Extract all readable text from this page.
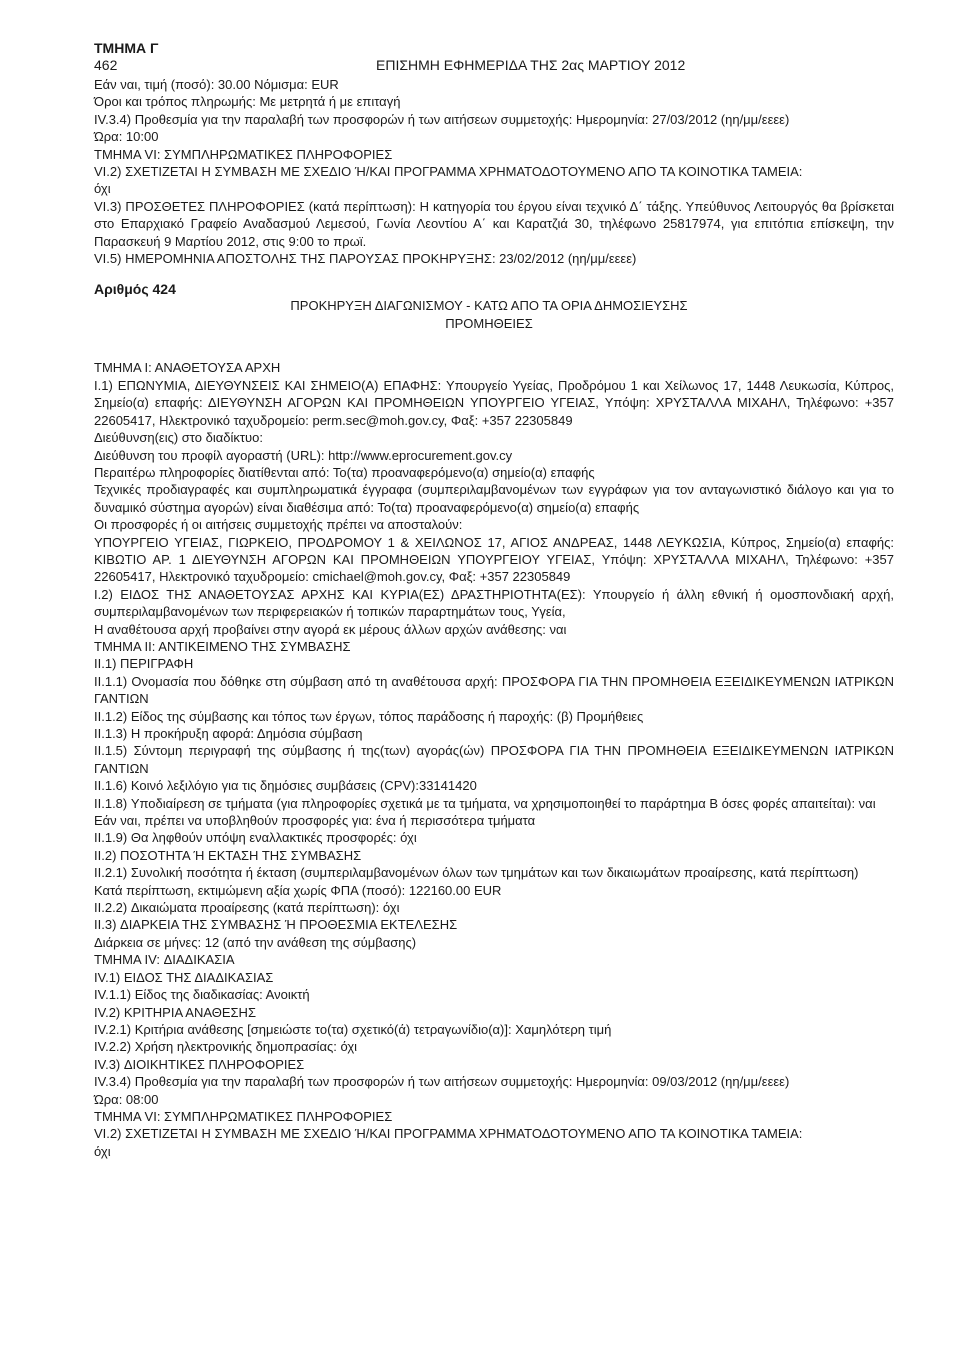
ΤΜΗΜΑ Γ
462	ΕΠΙΣΗΜΗ ΕΦΗΜΕΡΙΔΑ ΤΗΣ 2ας ΜΑΡΤΙΟΥ 2012
Εάν ναι, τιμή (ποσό): 30.00 Νόμισμα: EUR
Όροι και τρόπος πληρωμής: Με μετρητά ή με επιταγή
IV.3.4) Προθεσμία για την παραλαβή των προσφορών ή των αιτήσεων συμμετοχής: Ημερομηνία: 27/03/2012 (ηη/μμ/εεεε)
Ώρα: 10:00
ΤΜΗΜΑ VI: ΣΥΜΠΛΗΡΩΜΑΤΙΚΕΣ ΠΛΗΡΟΦΟΡΙΕΣ
VI.2) ΣΧΕΤΙΖΕΤΑΙ Η ΣΥΜΒΑΣΗ ΜΕ ΣΧΕΔΙΟ Ή/ΚΑΙ ΠΡΟΓΡΑΜΜΑ ΧΡΗΜΑΤΟΔΟΤΟΥΜΕΝΟ ΑΠΟ ΤΑ ΚΟΙΝΟΤΙΚΑ ΤΑΜΕΙΑ:
όχι
VI.3) ΠΡΟΣΘΕΤΕΣ ΠΛΗΡΟΦΟΡΙΕΣ (κατά περίπτωση): Η κατηγορία του έργου είναι τεχνικό Δ΄ τάξης. Υπεύθυνος Λειτουργός θα βρίσκεται στο Επαρχιακό Γραφείο Αναδασμού Λεμεσού, Γωνία Λεοντίου Α΄ και Καρατζιά 30, τηλέφωνο 25817974, για επιτόπια επίσκεψη, την Παρασκευή 9 Μαρτίου 2012, στις 9:00 το πρωϊ.
VI.5) ΗΜΕΡΟΜΗΝΙΑ ΑΠΟΣΤΟΛΗΣ ΤΗΣ ΠΑΡΟΥΣΑΣ ΠΡΟΚΗΡΥΞΗΣ: 23/02/2012 (ηη/μμ/εεεε)
Αριθμός 424
ΠΡΟΚΗΡΥΞΗ ΔΙΑΓΩΝΙΣΜΟΥ - ΚΑΤΩ ΑΠΟ ΤΑ ΟΡΙΑ ΔΗΜΟΣΙΕΥΣΗΣ
ΠΡΟΜΗΘΕΙΕΣ
ΤΜΗΜΑ Ι: ΑΝΑΘΕΤΟΥΣΑ ΑΡΧΗ
I.1) ΕΠΩΝΥΜΙΑ, ΔΙΕΥΘΥΝΣΕΙΣ ΚΑΙ ΣΗΜΕΙΟ(Α) ΕΠΑΦΗΣ: Υπουργείο Υγείας, Προδρόμου 1 και Χείλωνος 17, 1448 Λευκωσία, Κύπρος, Σημείο(α) επαφής: ΔΙΕΥΘΥΝΣΗ ΑΓΟΡΩΝ ΚΑΙ ΠΡΟΜΗΘΕΙΩΝ ΥΠΟΥΡΓΕΙΟ ΥΓΕΙΑΣ, Υπόψη: ΧΡΥΣΤΑΛΛΑ ΜΙΧΑΗΛ, Τηλέφωνο: +357 22605417, Ηλεκτρονικό ταχυδρομείο: perm.sec@moh.gov.cy, Φαξ: +357 22305849
Διεύθυνση(εις) στο διαδίκτυο:
Διεύθυνση του προφίλ αγοραστή (URL): http://www.eprocurement.gov.cy
Περαιτέρω πληροφορίες διατίθενται από: Το(τα) προαναφερόμενο(α) σημείο(α) επαφής
Τεχνικές προδιαγραφές και συμπληρωματικά έγγραφα (συμπεριλαμβανομένων των εγγράφων για τον ανταγωνιστικό διάλογο και για το δυναμικό σύστημα αγορών) είναι διαθέσιμα από: Το(τα) προαναφερόμενο(α) σημείο(α) επαφής
Οι προσφορές ή οι αιτήσεις συμμετοχής πρέπει να αποσταλούν:
ΥΠΟΥΡΓΕΙΟ ΥΓΕΙΑΣ, ΓΙΩΡΚΕΙΟ, ΠΡΟΔΡΟΜΟΥ 1 & ΧΕΙΛΩΝΟΣ 17, ΑΓΙΟΣ ΑΝΔΡΕΑΣ, 1448 ΛΕΥΚΩΣΙΑ, Κύπρος, Σημείο(α) επαφής: ΚΙΒΩΤΙΟ ΑΡ. 1 ΔΙΕΥΘΥΝΣΗ ΑΓΟΡΩΝ ΚΑΙ ΠΡΟΜΗΘΕΙΩΝ ΥΠΟΥΡΓΕΙΟΥ ΥΓΕΙΑΣ, Υπόψη: ΧΡΥΣΤΑΛΛΑ ΜΙΧΑΗΛ, Τηλέφωνο: +357 22605417, Ηλεκτρονικό ταχυδρομείο: cmichael@moh.gov.cy, Φαξ: +357 22305849
I.2) ΕΙΔΟΣ ΤΗΣ ΑΝΑΘΕΤΟΥΣΑΣ ΑΡΧΗΣ ΚΑΙ ΚΥΡΙΑ(ΕΣ) ΔΡΑΣΤΗΡΙΟΤΗΤΑ(ΕΣ): Υπουργείο ή άλλη εθνική ή ομοσπονδιακή αρχή, συμπεριλαμβανομένων των περιφερειακών ή τοπικών παραρτημάτων τους, Υγεία,
Η αναθέτουσα αρχή προβαίνει στην αγορά εκ μέρους άλλων αρχών ανάθεσης: ναι
ΤΜΗΜΑ ΙΙ: ΑΝΤΙΚΕΙΜΕΝΟ ΤΗΣ ΣΥΜΒΑΣΗΣ
II.1) ΠΕΡΙΓΡΑΦΗ
II.1.1) Ονομασία που δόθηκε στη σύμβαση από τη αναθέτουσα αρχή: ΠΡΟΣΦΟΡΑ ΓΙΑ ΤΗΝ ΠΡΟΜΗΘΕΙΑ ΕΞΕΙΔΙΚΕΥΜΕΝΩΝ ΙΑΤΡΙΚΩΝ ΓΑΝΤΙΩΝ
II.1.2) Είδος της σύμβασης και τόπος των έργων, τόπος παράδοσης ή παροχής: (β) Προμήθειες
II.1.3) Η προκήρυξη αφορά: Δημόσια σύμβαση
II.1.5) Σύντομη περιγραφή της σύμβασης ή της(των) αγοράς(ών) ΠΡΟΣΦΟΡΑ ΓΙΑ ΤΗΝ ΠΡΟΜΗΘΕΙΑ ΕΞΕΙΔΙΚΕΥΜΕΝΩΝ ΙΑΤΡΙΚΩΝ ΓΑΝΤΙΩΝ
II.1.6) Κοινό λεξιλόγιο για τις δημόσιες συμβάσεις (CPV):33141420
II.1.8) Υποδιαίρεση σε τμήματα (για πληροφορίες σχετικά με τα τμήματα, να χρησιμοποιηθεί το παράρτημα Β όσες φορές απαιτείται): ναι
Εάν ναι, πρέπει να υποβληθούν προσφορές για: ένα ή περισσότερα τμήματα
II.1.9) Θα ληφθούν υπόψη εναλλακτικές προσφορές: όχι
II.2) ΠΟΣΟΤΗΤΑ Ή ΕΚΤΑΣΗ ΤΗΣ ΣΥΜΒΑΣΗΣ
II.2.1) Συνολική ποσότητα ή έκταση (συμπεριλαμβανομένων όλων των τμημάτων και των δικαιωμάτων προαίρεσης, κατά περίπτωση)
Κατά περίπτωση, εκτιμώμενη αξία χωρίς ΦΠΑ (ποσό): 122160.00 EUR
II.2.2) Δικαιώματα προαίρεσης (κατά περίπτωση): όχι
II.3) ΔΙΑΡΚΕΙΑ ΤΗΣ ΣΥΜΒΑΣΗΣ Ή ΠΡΟΘΕΣΜΙΑ ΕΚΤΕΛΕΣΗΣ
Διάρκεια σε μήνες: 12 (από την ανάθεση της σύμβασης)
ΤΜΗΜΑ IV: ΔΙΑΔΙΚΑΣΙΑ
IV.1) ΕΙΔΟΣ ΤΗΣ ΔΙΑΔΙΚΑΣΙΑΣ
IV.1.1) Είδος της διαδικασίας: Ανοικτή
IV.2) ΚΡΙΤΗΡΙΑ ΑΝΑΘΕΣΗΣ
IV.2.1) Κριτήρια ανάθεσης [σημειώστε το(τα) σχετικό(ά) τετραγωνίδιο(α)]: Χαμηλότερη τιμή
IV.2.2) Χρήση ηλεκτρονικής δημοπρασίας: όχι
IV.3) ΔΙΟΙΚΗΤΙΚΕΣ ΠΛΗΡΟΦΟΡΙΕΣ
IV.3.4) Προθεσμία για την παραλαβή των προσφορών ή των αιτήσεων συμμετοχής: Ημερομηνία: 09/03/2012 (ηη/μμ/εεεε)
Ώρα: 08:00
ΤΜΗΜΑ VI: ΣΥΜΠΛΗΡΩΜΑΤΙΚΕΣ ΠΛΗΡΟΦΟΡΙΕΣ
VI.2) ΣΧΕΤΙΖΕΤΑΙ Η ΣΥΜΒΑΣΗ ΜΕ ΣΧΕΔΙΟ Ή/ΚΑΙ ΠΡΟΓΡΑΜΜΑ ΧΡΗΜΑΤΟΔΟΤΟΥΜΕΝΟ ΑΠΟ ΤΑ ΚΟΙΝΟΤΙΚΑ ΤΑΜΕΙΑ:
όχι
